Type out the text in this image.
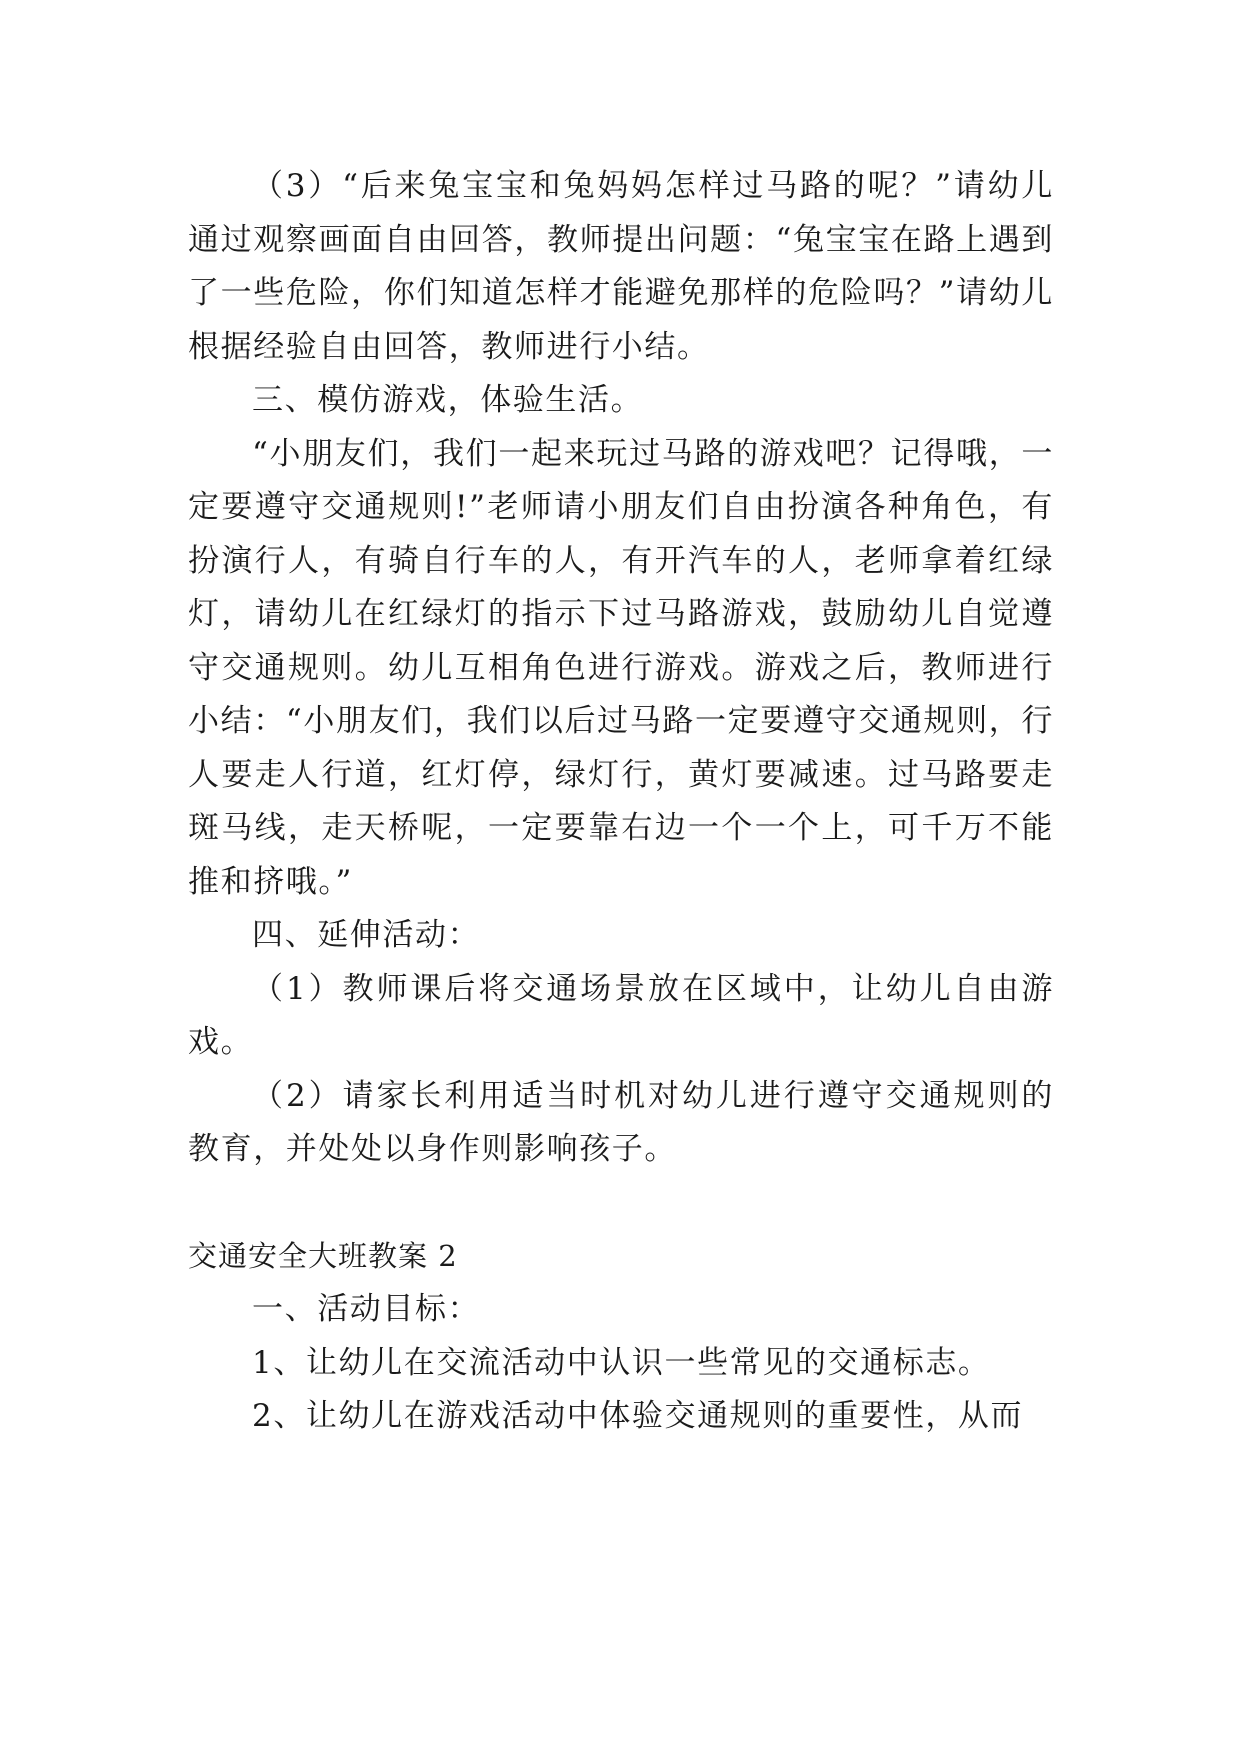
（3）“后来兔宝宝和兔妈妈怎样过马路的呢？”请幼儿通过观察画面自由回答，教师提出问题：“兔宝宝在路上遇到了一些危险，你们知道怎样才能避免那样的危险吗？”请幼儿根据经验自由回答，教师进行小结。

三、模仿游戏，体验生活。

“小朋友们，我们一起来玩过马路的游戏吧？记得哦，一定要遵守交通规则!”老师请小朋友们自由扮演各种角色，有扮演行人，有骑自行车的人，有开汽车的人，老师拿着红绿灯，请幼儿在红绿灯的指示下过马路游戏，鼓励幼儿自觉遵守交通规则。幼儿互相角色进行游戏。游戏之后，教师进行小结：“小朋友们，我们以后过马路一定要遵守交通规则，行人要走人行道，红灯停，绿灯行，黄灯要减速。过马路要走斑马线，走天桥呢，一定要靠右边一个一个上，可千万不能推和挤哦。”

四、延伸活动：

（1）教师课后将交通场景放在区域中，让幼儿自由游戏。

（2）请家长利用适当时机对幼儿进行遵守交通规则的教育，并处处以身作则影响孩子。

交通安全大班教案 2

一、活动目标：

1、让幼儿在交流活动中认识一些常见的交通标志。

2、让幼儿在游戏活动中体验交通规则的重要性，从而
